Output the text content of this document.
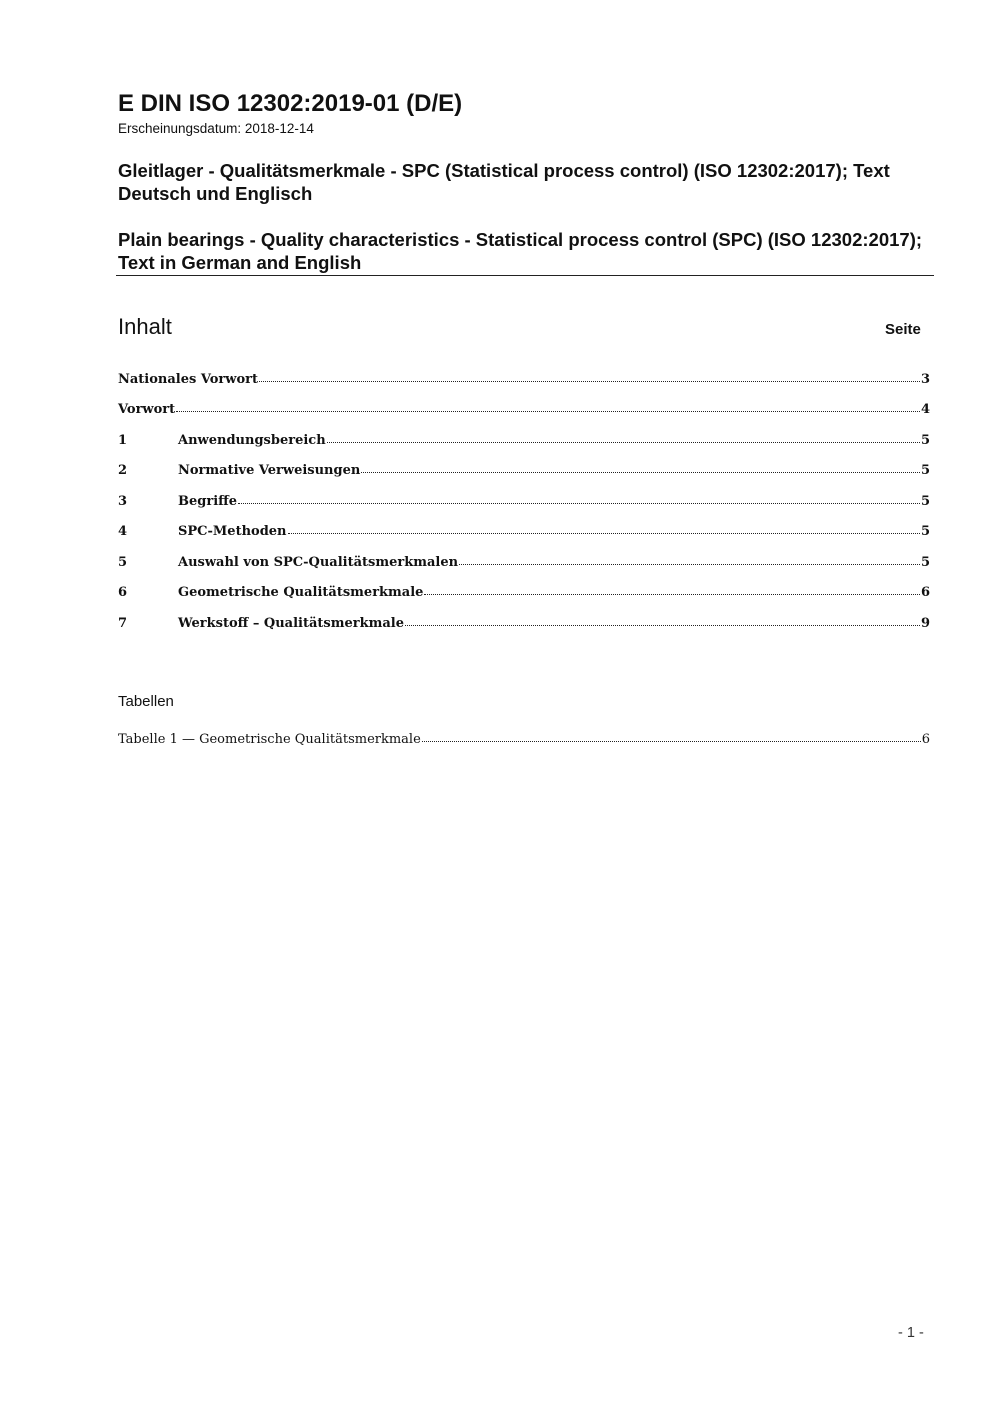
E DIN ISO 12302:2019-01 (D/E)
Erscheinungsdatum: 2018-12-14
Gleitlager - Qualitätsmerkmale - SPC (Statistical process control) (ISO 12302:2017); Text Deutsch und Englisch
Plain bearings - Quality characteristics - Statistical process control (SPC) (ISO 12302:2017); Text in German and English
Inhalt	Seite
Nationales Vorwort	3
Vorwort	4
1	Anwendungsbereich	5
2	Normative Verweisungen	5
3	Begriffe	5
4	SPC-Methoden	5
5	Auswahl von SPC-Qualitätsmerkmalen	5
6	Geometrische Qualitätsmerkmale	6
7	Werkstoff – Qualitätsmerkmale	9
Tabellen
Tabelle 1 — Geometrische Qualitätsmerkmale	6
- 1 -
